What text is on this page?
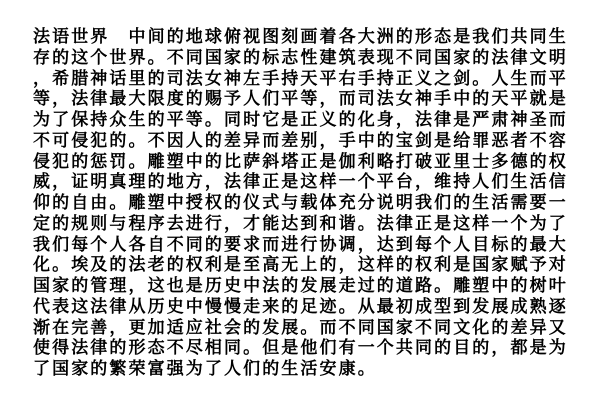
法语世界　中间的地球俯视图刻画着各大洲的形态是我们共同生
存的这个世界。不同国家的标志性建筑表现不同国家的法律文明
，希腊神话里的司法女神左手持天平右手持正义之剑。人生而平
等，法律最大限度的赐予人们平等，而司法女神手中的天平就是
为了保持众生的平等。同时它是正义的化身，法律是严肃神圣而
不可侵犯的。不因人的差异而差别，手中的宝剑是给罪恶者不容
侵犯的惩罚。雕塑中的比萨斜塔正是伽利略打破亚里士多德的权
威，证明真理的地方，法律正是这样一个平台，维持人们生活信
仰的自由。雕塑中授权的仪式与载体充分说明我们的生活需要一
定的规则与程序去进行，才能达到和谐。法律正是这样一个为了
我们每个人各自不同的要求而进行协调，达到每个人目标的最大
化。埃及的法老的权利是至高无上的，这样的权利是国家赋予对
国家的管理，这也是历史中法的发展走过的道路。雕塑中的树叶
代表这法律从历史中慢慢走来的足迹。从最初成型到发展成熟逐
渐在完善，更加适应社会的发展。而不同国家不同文化的差异又
使得法律的形态不尽相同。但是他们有一个共同的目的，都是为
了国家的繁荣富强为了人们的生活安康。
